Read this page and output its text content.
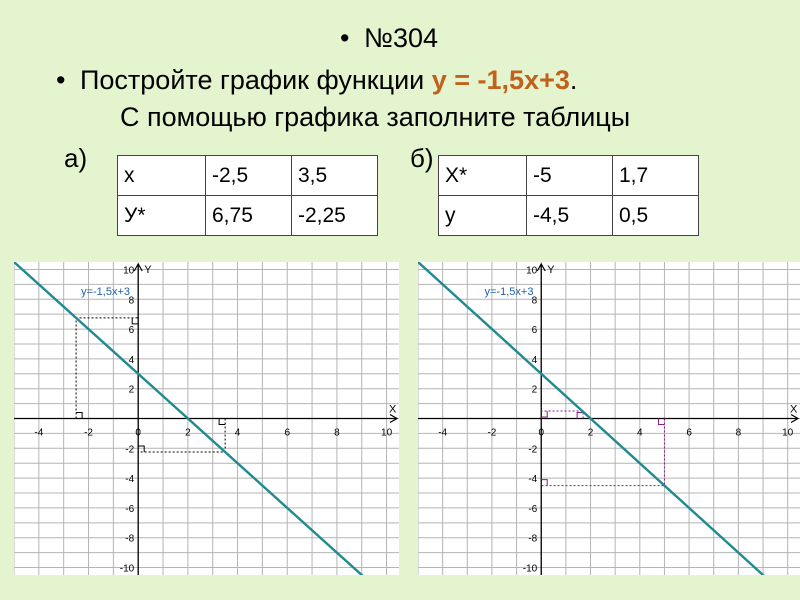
• №304
• Постройте график функции y = -1,5x+3.
С помощью графика заполните таблицы
а)
x	-2,5	3,5
У*	6,75	-2,25
б)
X*	-5	1,7
y	-4,5	0,5
X
Y
-4	-2	0	2	4	6	8	10
-10
-8
-6
-4
-2
2
4
6
8
10
y=-1,5x+3
X
Y
-4	-2	0	2	4	6	8	10
-10
-8
-6
-4
-2
2
4
6
8
10
y=-1,5x+3
